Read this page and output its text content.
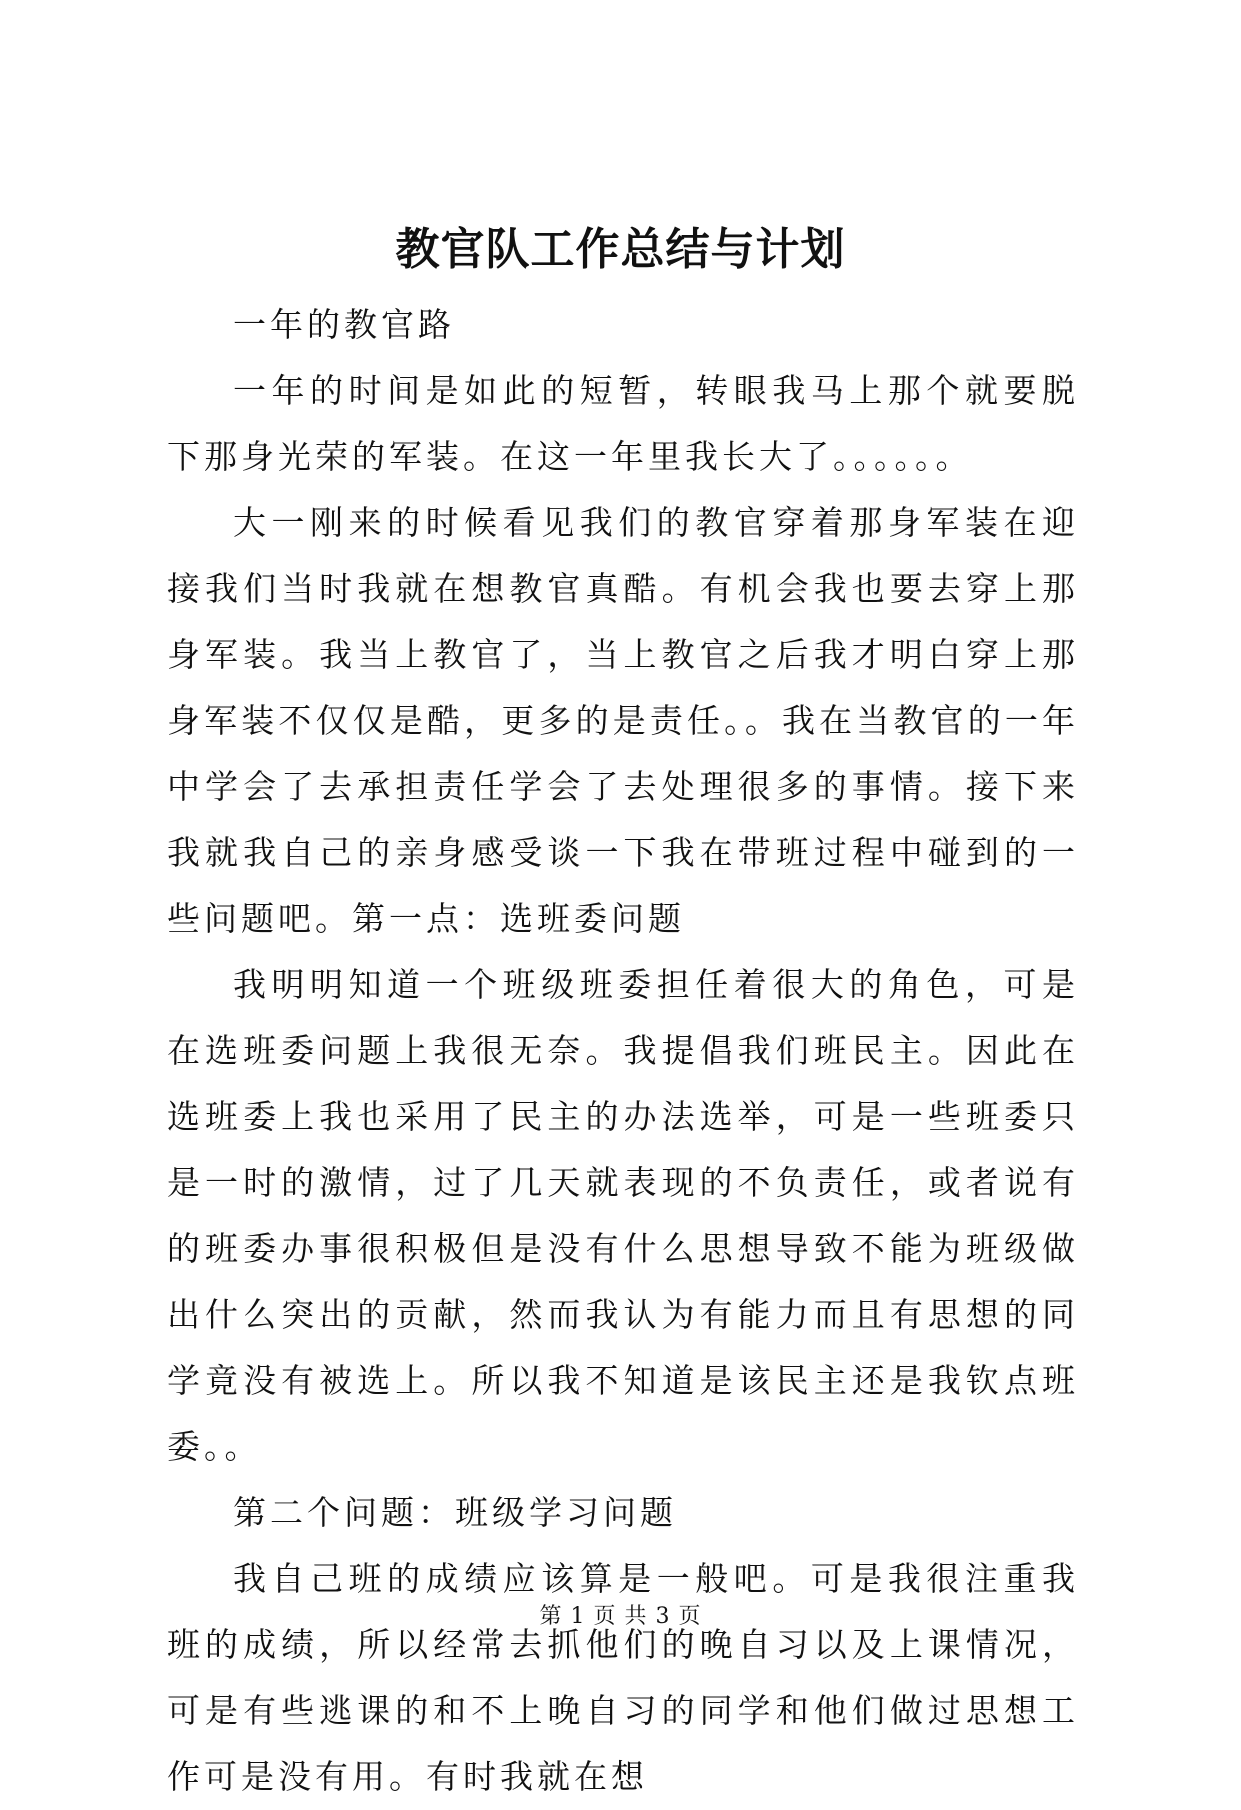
教官队工作总结与计划

一年的教官路

一年的时间是如此的短暂，转眼我马上那个就要脱下那身光荣的军装。在这一年里我长大了。。。。。。

大一刚来的时候看见我们的教官穿着那身军装在迎接我们当时我就在想教官真酷。有机会我也要去穿上那身军装。我当上教官了，当上教官之后我才明白穿上那身军装不仅仅是酷，更多的是责任。。我在当教官的一年中学会了去承担责任学会了去处理很多的事情。接下来我就我自己的亲身感受谈一下我在带班过程中碰到的一些问题吧。第一点：选班委问题

我明明知道一个班级班委担任着很大的角色，可是在选班委问题上我很无奈。我提倡我们班民主。因此在选班委上我也采用了民主的办法选举，可是一些班委只是一时的激情，过了几天就表现的不负责任，或者说有的班委办事很积极但是没有什么思想导致不能为班级做出什么突出的贡献，然而我认为有能力而且有思想的同学竟没有被选上。所以我不知道是该民主还是我钦点班委。。

第二个问题：班级学习问题

我自己班的成绩应该算是一般吧。可是我很注重我班的成绩，所以经常去抓他们的晚自习以及上课情况，可是有些逃课的和不上晚自习的同学和他们做过思想工作可是没有用。有时我就在想

第 1 页 共 3 页
